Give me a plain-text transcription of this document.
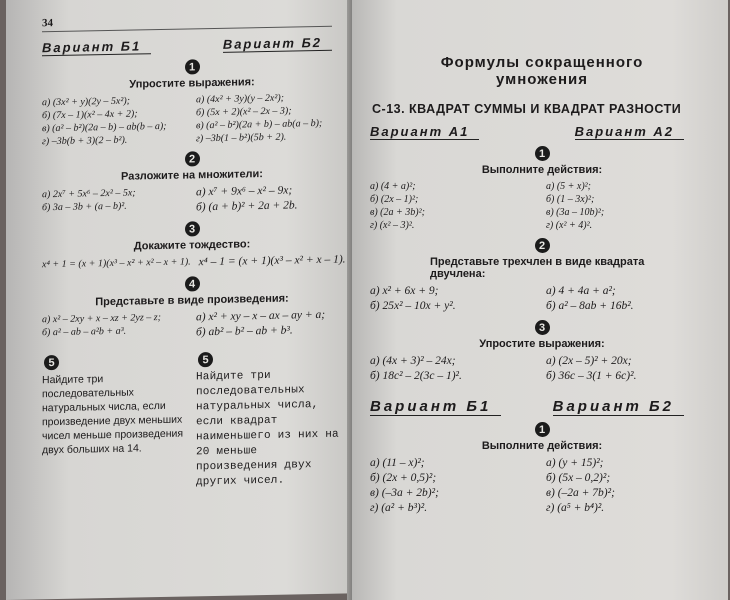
34
Вариант Б1	Вариант Б2
1
Упростите выражения:
а) (3x² + y)(2y – 5x²);
б) (7x – 1)(x² – 4x + 2);
в) (a² – b²)(2a – b) – ab(b – a);
г) –3b(b + 3)(2 – b²).
а) (4x² + 3y)(y – 2x²);
б) (5x + 2)(x² – 2x – 3);
в) (a² – b²)(2a + b) – ab(a – b);
г) –3b(1 – b²)(5b + 2).
2
Разложите на множители:
а) 2x⁷ + 5x⁶ – 2x² – 5x;
б) 3a – 3b + (a – b)².
а) x⁷ + 9x⁶ – x² – 9x;
б) (a + b)² + 2a + 2b.
3
Докажите тождество:
x⁴ + 1 = (x + 1)(x³ – x² + x² – x + 1). x⁴ – 1 = (x + 1)(x³ – x² + x – 1).
4
Представьте в виде произведения:
а) x² – 2xy + x – xz + 2yz – z;
б) a² – ab – a²b + a³.
а) x² + xy – x – ax – ay + a;
б) ab² – b² – ab + b³.
5
Найдите три последовательных натуральных числа, если произведение двух меньших чисел меньше произведения двух больших на 14.
5
Найдите три последовательных натуральных числа, если квадрат наименьшего из них на 20 меньше произведения двух других чисел.
Формулы сокращенного
умножения
С-13. КВАДРАТ СУММЫ И КВАДРАТ РАЗНОСТИ
Вариант А1	Вариант А2
1
Выполните действия:
а) (4 + a)²;
б) (2x – 1)²;
в) (2a + 3b)²;
г) (x² – 3)².
а) (5 + x)²;
б) (1 – 3x)²;
в) (3a – 10b)²;
г) (x² + 4)².
2
Представьте трехчлен в виде квадрата двучлена:
а) x² + 6x + 9;
б) 25x² – 10x + y².
а) 4 + 4a + a²;
б) a² – 8ab + 16b².
3
Упростите выражения:
а) (4x + 3)² – 24x;
б) 18c² – 2(3c – 1)².
а) (2x – 5)² + 20x;
б) 36c – 3(1 + 6c)².
Вариант Б1	Вариант Б2
1
Выполните действия:
а) (11 – x)²;
б) (2x + 0,5)²;
в) (–3a + 2b)²;
г) (a² + b³)².
а) (y + 15)²;
б) (5x – 0,2)²;
в) (–2a + 7b)²;
г) (a⁵ + b⁴)².
